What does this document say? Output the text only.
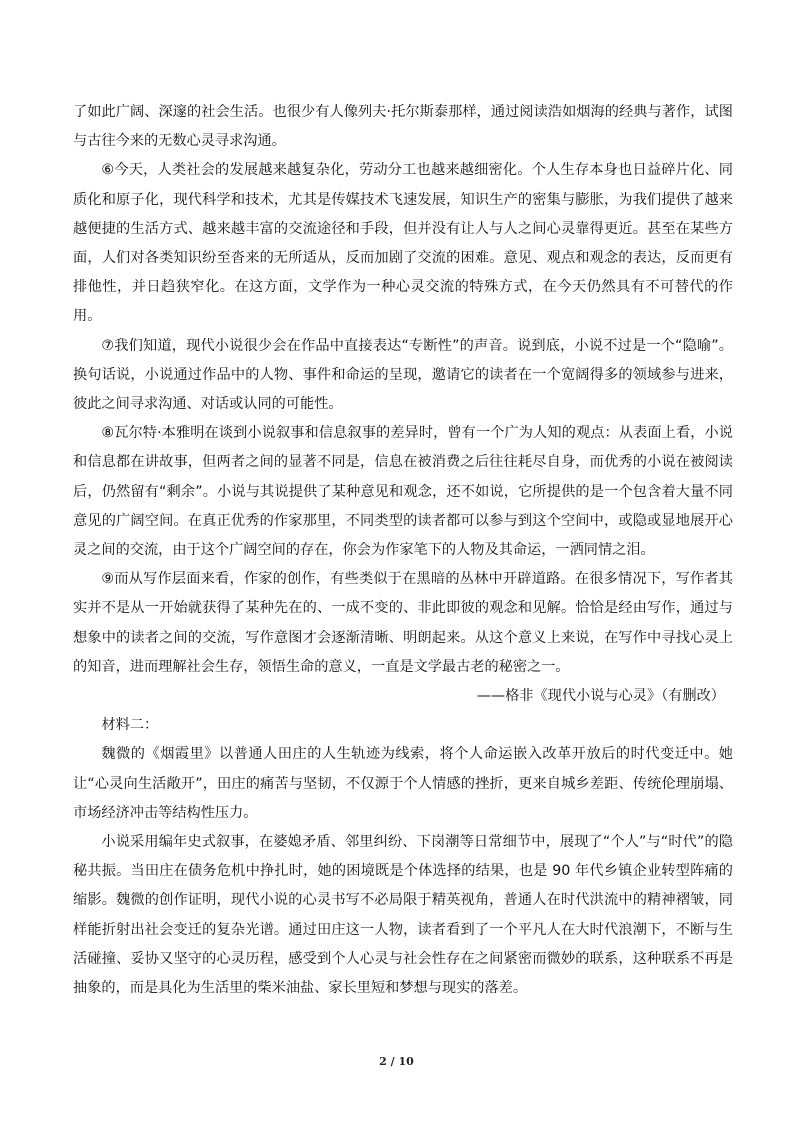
了如此广阔、深邃的社会生活。也很少有人像列夫·托尔斯泰那样，通过阅读浩如烟海的经典与著作，试图与古往今来的无数心灵寻求沟通。

⑥今天，人类社会的发展越来越复杂化，劳动分工也越来越细密化。个人生存本身也日益碎片化、同质化和原子化，现代科学和技术，尤其是传媒技术飞速发展，知识生产的密集与膨胀，为我们提供了越来越便捷的生活方式、越来越丰富的交流途径和手段，但并没有让人与人之间心灵靠得更近。甚至在某些方面，人们对各类知识纷至沓来的无所适从，反而加剧了交流的困难。意见、观点和观念的表达，反而更有排他性，并日趋狭窄化。在这方面，文学作为一种心灵交流的特殊方式，在今天仍然具有不可替代的作用。

⑦我们知道，现代小说很少会在作品中直接表达“专断性”的声音。说到底，小说不过是一个“隐喻”。换句话说，小说通过作品中的人物、事件和命运的呈现，邀请它的读者在一个宽阔得多的领域参与进来，彼此之间寻求沟通、对话或认同的可能性。

⑧瓦尔特·本雅明在谈到小说叙事和信息叙事的差异时，曾有一个广为人知的观点：从表面上看，小说和信息都在讲故事，但两者之间的显著不同是，信息在被消费之后往往耗尽自身，而优秀的小说在被阅读后，仍然留有“剩余”。小说与其说提供了某种意见和观念，还不如说，它所提供的是一个包含着大量不同意见的广阔空间。在真正优秀的作家那里，不同类型的读者都可以参与到这个空间中，或隐或显地展开心灵之间的交流，由于这个广阔空间的存在，你会为作家笔下的人物及其命运，一洒同情之泪。

⑨而从写作层面来看，作家的创作，有些类似于在黑暗的丛林中开辟道路。在很多情况下，写作者其实并不是从一开始就获得了某种先在的、一成不变的、非此即彼的观念和见解。恰恰是经由写作，通过与想象中的读者之间的交流，写作意图才会逐渐清晰、明朗起来。从这个意义上来说，在写作中寻找心灵上的知音，进而理解社会生存，领悟生命的意义，一直是文学最古老的秘密之一。

——格非《现代小说与心灵》（有删改）

材料二：

魏微的《烟霞里》以普通人田庄的人生轨迹为线索，将个人命运嵌入改革开放后的时代变迁中。她让“心灵向生活敞开”，田庄的痛苦与坚韧，不仅源于个人情感的挫折，更来自城乡差距、传统伦理崩塌、市场经济冲击等结构性压力。

小说采用编年史式叙事，在婆媳矛盾、邻里纠纷、下岗潮等日常细节中，展现了“个人”与“时代”的隐秘共振。当田庄在债务危机中挣扎时，她的困境既是个体选择的结果，也是 90 年代乡镇企业转型阵痛的缩影。魏微的创作证明，现代小说的心灵书写不必局限于精英视角，普通人在时代洪流中的精神褶皱，同样能折射出社会变迁的复杂光谱。通过田庄这一人物，读者看到了一个平凡人在大时代浪潮下，不断与生活碰撞、妥协又坚守的心灵历程，感受到个人心灵与社会性存在之间紧密而微妙的联系，这种联系不再是抽象的，而是具化为生活里的柴米油盐、家长里短和梦想与现实的落差。

2 / 10
